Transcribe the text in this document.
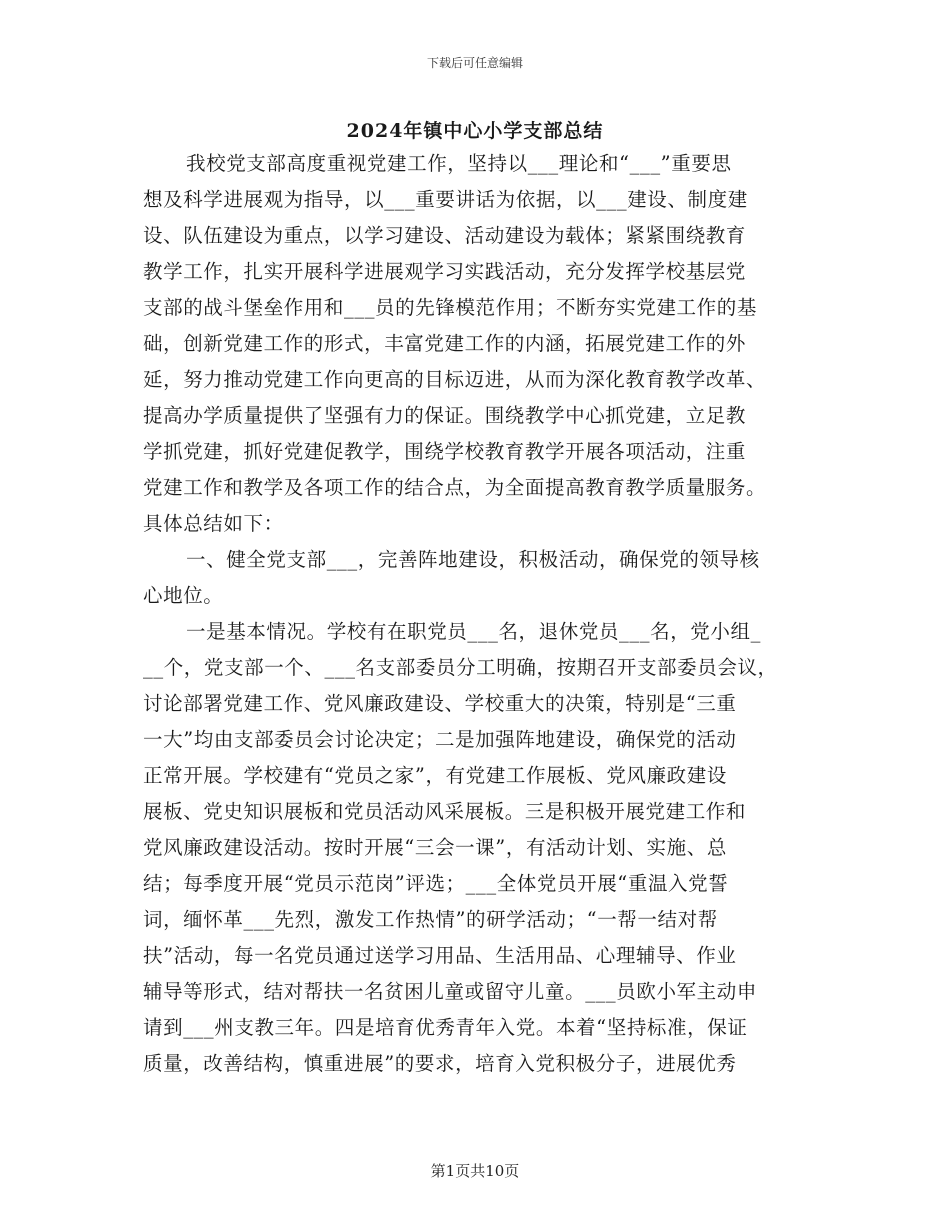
下载后可任意编辑
2024年镇中心小学支部总结
我校党支部高度重视党建工作，坚持以___理论和“___”重要思
想及科学进展观为指导，以___重要讲话为依据，以___建设、制度建
设、队伍建设为重点，以学习建设、活动建设为载体；紧紧围绕教育
教学工作，扎实开展科学进展观学习实践活动，充分发挥学校基层党
支部的战斗堡垒作用和___员的先锋模范作用；不断夯实党建工作的基
础，创新党建工作的形式，丰富党建工作的内涵，拓展党建工作的外
延，努力推动党建工作向更高的目标迈进，从而为深化教育教学改革、
提高办学质量提供了坚强有力的保证。围绕教学中心抓党建，立足教
学抓党建，抓好党建促教学，围绕学校教育教学开展各项活动，注重
党建工作和教学及各项工作的结合点，为全面提高教育教学质量服务。
具体总结如下：
一、健全党支部___，完善阵地建设，积极活动，确保党的领导核
心地位。
一是基本情况。学校有在职党员___名，退休党员___名，党小组_
__个，党支部一个、___名支部委员分工明确，按期召开支部委员会议，
讨论部署党建工作、党风廉政建设、学校重大的决策，特别是“三重
一大”均由支部委员会讨论决定；二是加强阵地建设，确保党的活动
正常开展。学校建有“党员之家”，有党建工作展板、党风廉政建设
展板、党史知识展板和党员活动风采展板。三是积极开展党建工作和
党风廉政建设活动。按时开展“三会一课”，有活动计划、实施、总
结；每季度开展“党员示范岗”评选；___全体党员开展“重温入党誓
词，缅怀革___先烈，激发工作热情”的研学活动；“一帮一结对帮
扶”活动，每一名党员通过送学习用品、生活用品、心理辅导、作业
辅导等形式，结对帮扶一名贫困儿童或留守儿童。___员欧小军主动申
请到___州支教三年。四是培育优秀青年入党。本着“坚持标准，保证
质量，改善结构，慎重进展”的要求，培育入党积极分子，进展优秀
第1页共10页
